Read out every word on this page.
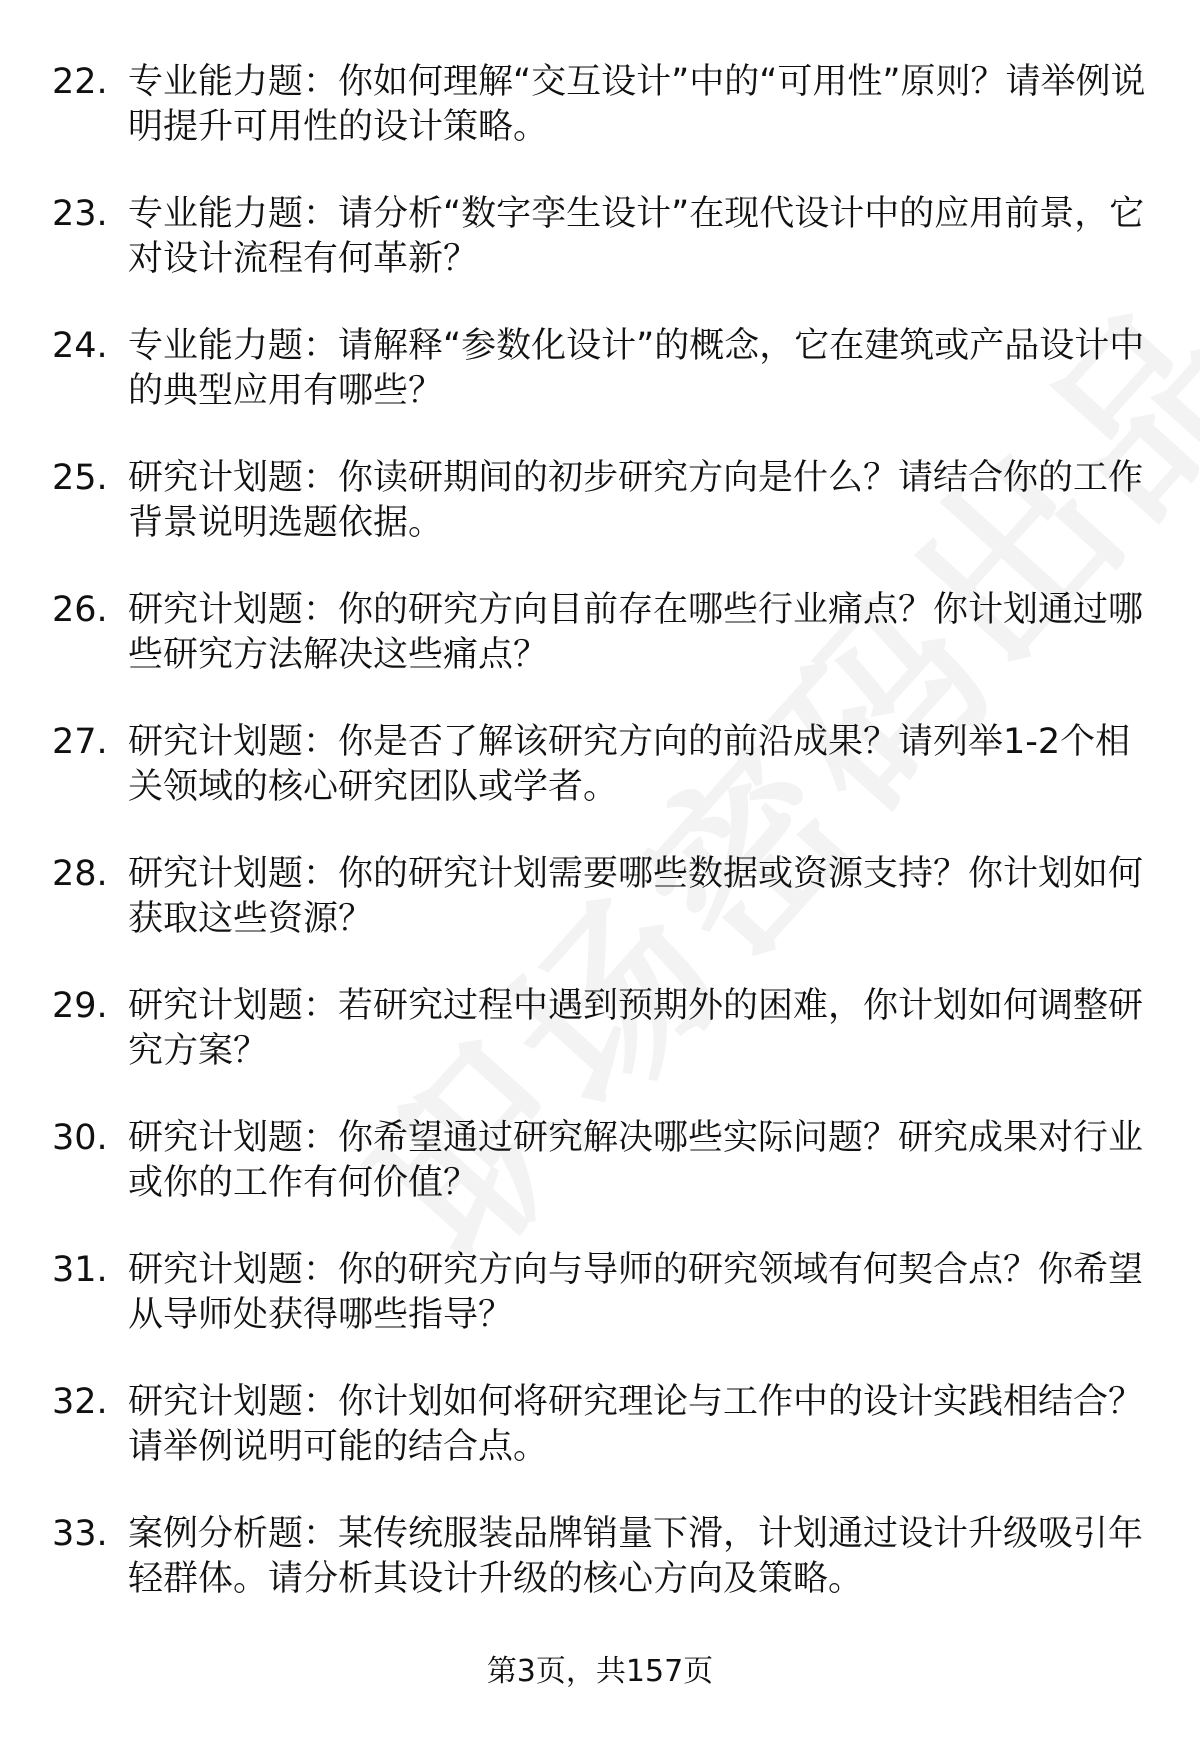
22. 专业能力题：你如何理解“交互设计”中的“可用性”原则？请举例说明提升可用性的设计策略。
23. 专业能力题：请分析“数字孪生设计”在现代设计中的应用前景，它对设计流程有何革新？
24. 专业能力题：请解释“参数化设计”的概念，它在建筑或产品设计中的典型应用有哪些？
25. 研究计划题：你读研期间的初步研究方向是什么？请结合你的工作背景说明选题依据。
26. 研究计划题：你的研究方向目前存在哪些行业痛点？你计划通过哪些研究方法解决这些痛点？
27. 研究计划题：你是否了解该研究方向的前沿成果？请列举1-2个相关领域的核心研究团队或学者。
28. 研究计划题：你的研究计划需要哪些数据或资源支持？你计划如何获取这些资源？
29. 研究计划题：若研究过程中遇到预期外的困难，你计划如何调整研究方案？
30. 研究计划题：你希望通过研究解决哪些实际问题？研究成果对行业或你的工作有何价值？
31. 研究计划题：你的研究方向与导师的研究领域有何契合点？你希望从导师处获得哪些指导？
32. 研究计划题：你计划如何将研究理论与工作中的设计实践相结合？请举例说明可能的结合点。
33. 案例分析题：某传统服装品牌销量下滑，计划通过设计升级吸引年轻群体。请分析其设计升级的核心方向及策略。
第3页，共157页
